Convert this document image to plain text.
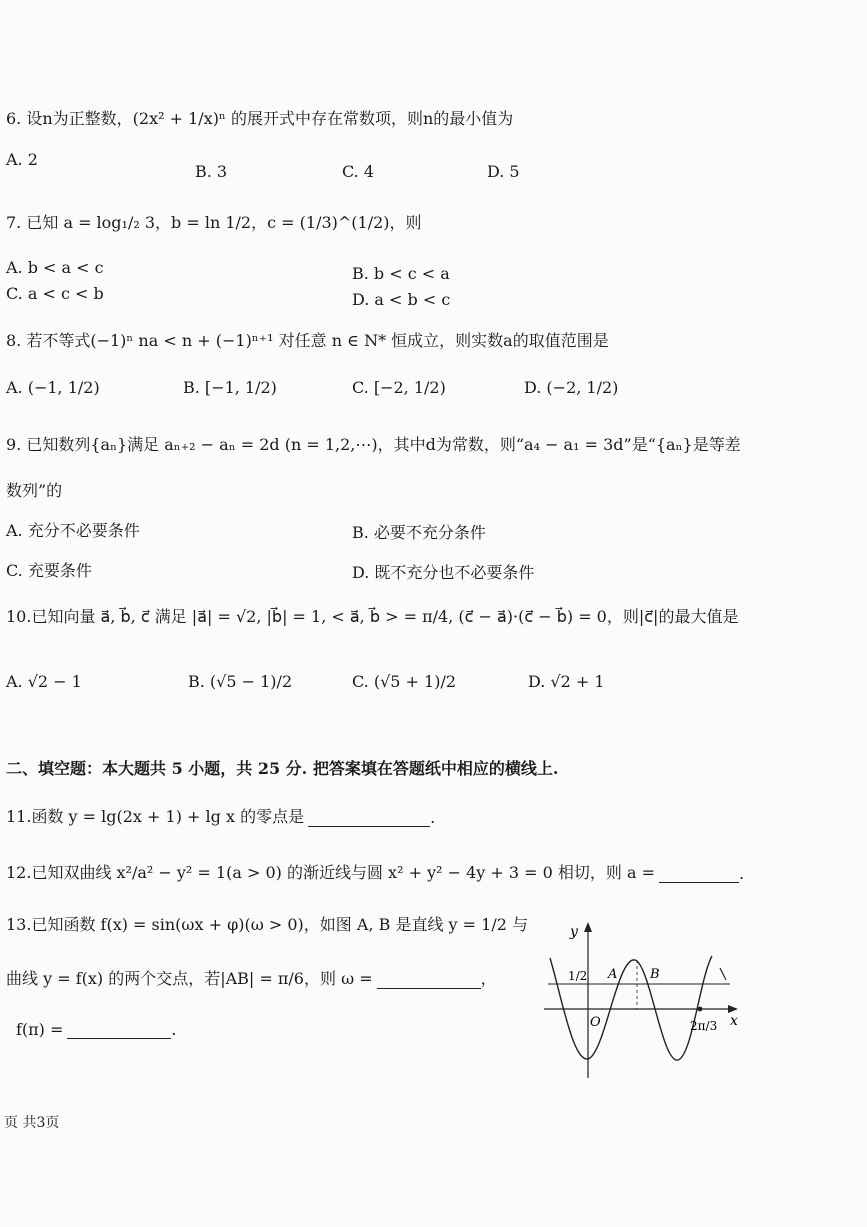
6. 设n为正整数，(2x² + 1/x)ⁿ 的展开式中存在常数项，则n的最小值为
A. 2
B. 3	C. 4	D. 5
7. 已知 a = log₁/₂ 3，b = ln 1/2，c = (1/3)^(1/2)，则
A. b < a < c	B. b < c < a
C. a < c < b	D. a < b < c
8. 若不等式(−1)ⁿ na < n + (−1)ⁿ⁺¹ 对任意 n ∈ N* 恒成立，则实数a的取值范围是
A. (−1, 1/2)	B. [−1, 1/2)	C. [−2, 1/2)	D. (−2, 1/2)
9. 已知数列{aₙ}满足 aₙ₊₂ − aₙ = 2d (n = 1,2,⋯)，其中d为常数，则“a₄ − a₁ = 3d”是“{aₙ}是等差
数列”的
A. 充分不必要条件	B. 必要不充分条件
C. 充要条件	D. 既不充分也不必要条件
10.已知向量 a⃗, b⃗, c⃗ 满足 |a⃗| = √2, |b⃗| = 1, < a⃗, b⃗ > = π/4, (c⃗ − a⃗)·(c⃗ − b⃗) = 0，则|c⃗|的最大值是
A. √2 − 1	B. (√5 − 1)/2	C. (√5 + 1)/2	D. √2 + 1
二、填空题：本大题共 5 小题，共 25 分. 把答案填在答题纸中相应的横线上.
11.函数 y = lg(2x + 1) + lg x 的零点是	.
12.已知双曲线 x²/a² − y² = 1(a > 0) 的渐近线与圆 x² + y² − 4y + 3 = 0 相切，则 a =	.
13.已知函数 f(x) = sin(ωx + φ)(ω > 0)，如图 A, B 是直线 y = 1/2 与
曲线 y = f(x) 的两个交点，若|AB| = π/6，则 ω =	，
f(π) =	.
y
x
O
1/2 A	B
2π/3
页 共3页
